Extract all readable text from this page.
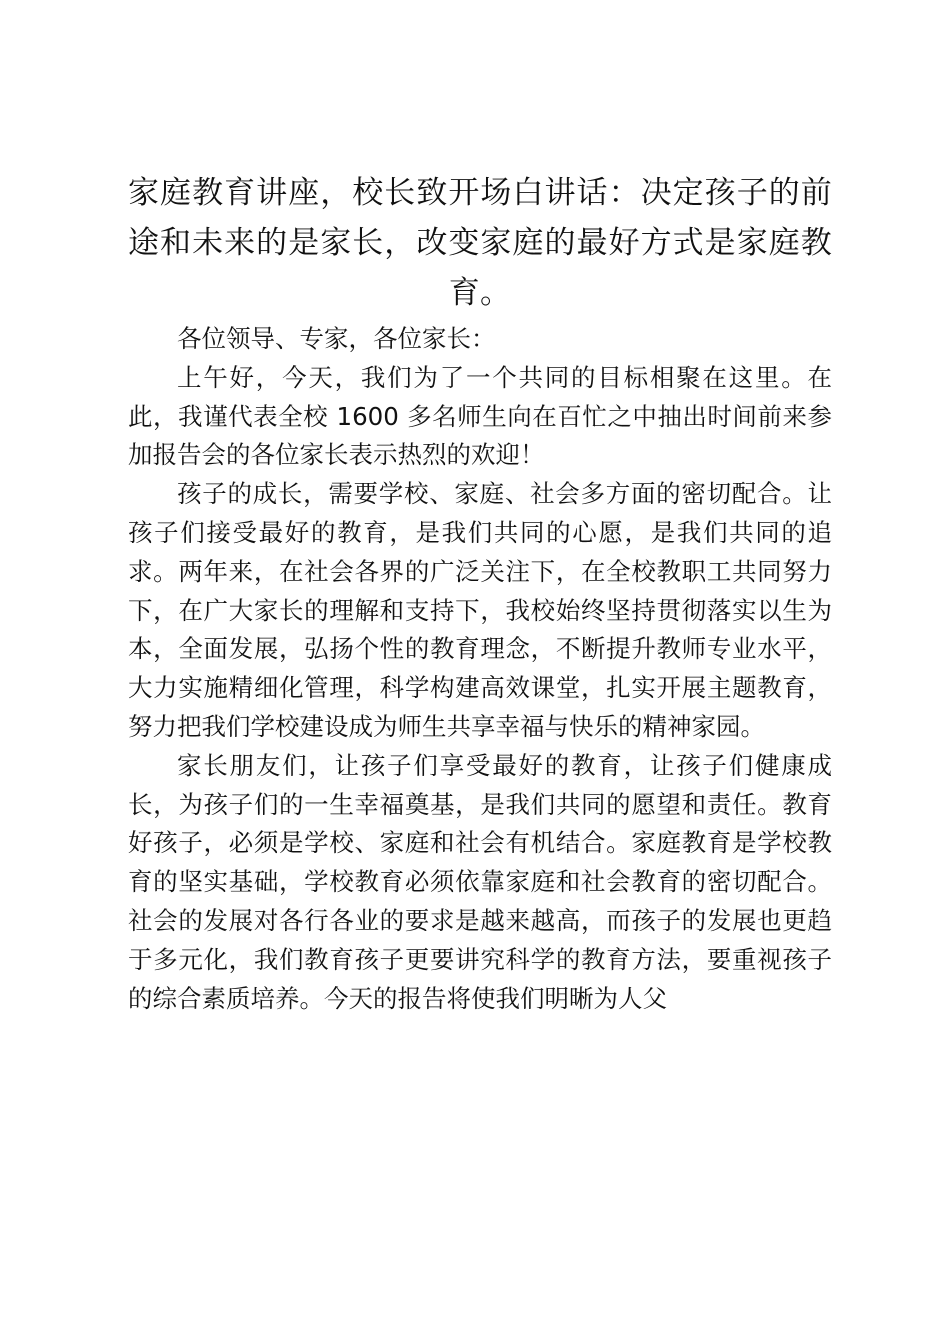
家庭教育讲座，校长致开场白讲话：决定孩子的前途和未来的是家长，改变家庭的最好方式是家庭教育。

各位领导、专家，各位家长：

上午好，今天，我们为了一个共同的目标相聚在这里。在此，我谨代表全校 1600 多名师生向在百忙之中抽出时间前来参加报告会的各位家长表示热烈的欢迎！

孩子的成长，需要学校、家庭、社会多方面的密切配合。让孩子们接受最好的教育，是我们共同的心愿，是我们共同的追求。两年来，在社会各界的广泛关注下，在全校教职工共同努力下，在广大家长的理解和支持下，我校始终坚持贯彻落实以生为本，全面发展，弘扬个性的教育理念，不断提升教师专业水平，大力实施精细化管理，科学构建高效课堂，扎实开展主题教育，努力把我们学校建设成为师生共享幸福与快乐的精神家园。

家长朋友们，让孩子们享受最好的教育，让孩子们健康成长，为孩子们的一生幸福奠基，是我们共同的愿望和责任。教育好孩子，必须是学校、家庭和社会有机结合。家庭教育是学校教育的坚实基础，学校教育必须依靠家庭和社会教育的密切配合。社会的发展对各行各业的要求是越来越高，而孩子的发展也更趋于多元化，我们教育孩子更要讲究科学的教育方法，要重视孩子的综合素质培养。今天的报告将使我们明晰为人父
